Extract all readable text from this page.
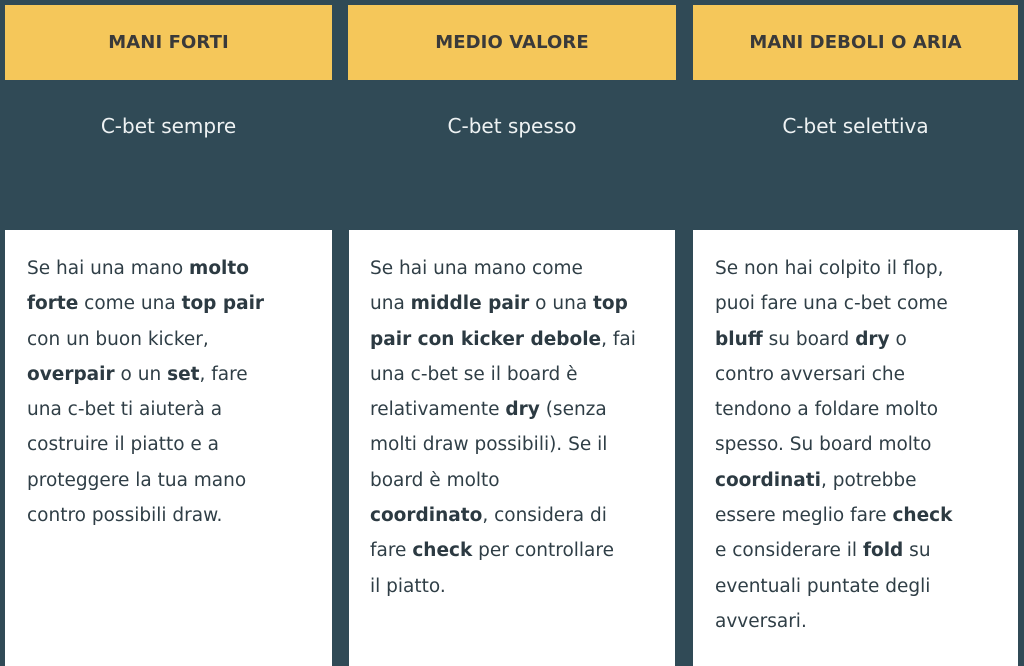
MANI FORTI
C-bet sempre
Se hai una mano molto
forte come una top pair
con un buon kicker,
overpair o un set, fare
una c-bet ti aiuterà a
costruire il piatto e a
proteggere la tua mano
contro possibili draw.
MEDIO VALORE
C-bet spesso
Se hai una mano come
una middle pair o una top
pair con kicker debole, fai
una c-bet se il board è
relativamente dry (senza
molti draw possibili). Se il
board è molto
coordinato, considera di
fare check per controllare
il piatto.
MANI DEBOLI O ARIA
C-bet selettiva
Se non hai colpito il flop,
puoi fare una c-bet come
bluff su board dry o
contro avversari che
tendono a foldare molto
spesso. Su board molto
coordinati, potrebbe
essere meglio fare check
e considerare il fold su
eventuali puntate degli
avversari.
